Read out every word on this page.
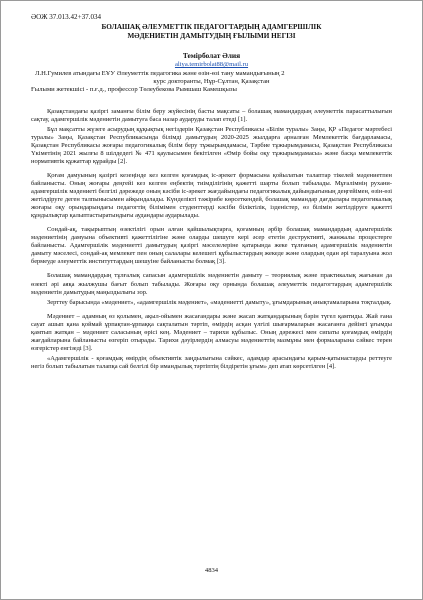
ӘОЖ 37.013.42+37.034
БОЛАШАҚ ӘЛЕУМЕТТІК ПЕДАГОГТАРДЫҢ АДАМГЕРШІЛІК
МӘДЕНИЕТІН ДАМЫТУДЫҢ ҒЫЛЫМИ НЕГІЗІ
Темірболат Әлия
aliya.temirbolat88@mail.ru
Л.Н.Гумилев атындағы ЕҰУ Әлеуметтік педагогика және өзін-өзі тану мамандығының 2
курс докторанты, Нұр-Сұлтан, Қазақстан
Ғылыми жетекшісі - п.ғ.д., профессор Төлеубекова Рымшаш Камешқызы

Қазақстандағы қазіргі заманғы білім беру жүйесінің басты мақсаты – болашақ мамандардың әлеуметтік парасаттылығын сақтау, адамгершілік мәдениетін дамытуға баса назар аударуды талап етеді [1].

Бұл мақсатты жүзеге асырудың құқықтық негіздерін Қазақстан Республикасы «Білім туралы» Заңы, ҚР «Педагог мәртебесі туралы» Заңы, Қазақстан Республикасында білімді дамытудың 2020-2025 жылдарға арналған Мемлекеттік бағдарламасы, Қазақстан Республикасы жоғары педагогикалық білім беру тұжырымдамасы, Тәрбие тұжырымдамасы, Қазақстан Республикасы Үкіметінің 2021 жылғы 8 шілдедегі № 471 қаулысымен бекітілген «Өмір бойы оқу тұжырымдамасы» және басқа мемлекеттік нормативтік құжаттар құрайды [2].

Қоғам дамуының қазіргі кезеңінде кез келген қоғамдық іс-әрекет формасына қойылатын талаптар тікелей мәдениетпен байланысты. Оның жоғары деңгейі кез келген еңбектің тиімділігінің қажетті шарты болып табылады. Мұғалімнің рухани-адамгершілік мәдениеті белгілі дәрежеде оның кәсіби іс-әрекет жағдайындағы педагогикалық дайындығының деңгейімен, өзін-өзі жетілдіруге деген талпынысымен айқындалады. Күнделікті тәжірибе көрсеткендей, болашақ мамандар дағдылары педагогикалық жоғары оқу орындарындағы педагогтің білімімен студенттерді кәсіби біліктілік, ізденістер, өз білімін жетілдіруге қажетті құндылықтар қалыптастыратындығы аудандары аударылады.

Сондай-ақ, тақырыптың өзектілігі орын алған қайшылықтарға, қоғамның әрбір болашақ мамандардың адамгершілік мәдениетінің дамуына объективті қажеттілігіне және оларды шешуге кері әсер ететін деструктивті, жанжалы процестерге байланысты. Адамгершілік мәдениетті дамытудың қазіргі мәселелеріне қатарында жеке тұлғаның адамгершілік мәдениетін дамыту мәселесі, сондай-ақ мемлекет пен оның салалары келешегі құбылыстардың жекеде және олардың одан әрі таралуына жол бермеуде әлеуметтік институттардың шешуіне байланысты болмақ [3].

Болашақ мамандардың тұлғалық сапасын адамгершілік мәдениетін дамыту – теориялық және практикалық жағынан да өзекті әрі аяқа жылжушы бағыт болып табылады. Жоғары оқу орнында болашақ әлеуметтік педагогтардың адамгершілік мәдениетін дамытудың маңыздылығы зор.

Зерттеу барысында «мәдениет», «адамгершілік мәдениет», «мәдениетті дамыту», ұғымдарының анықтамаларына тоқталдық.

Мәдениет – адамның өз қолымен, ақыл-ойымен жасағандары және жасап жатқандарының бәрін түгел қамтиды. Жай ғана сауат ашып қана қоймай ұрпақтан-ұрпаққа сақталатын тәртіп, өмірдің асқан үлгілі шығармаларын жасағанға дейінгі ұғымды қамтып жатқан – мәдениет саласының өрісі кең. Мәдениет – тарихи құбылыс. Оның дәрежесі мен сипаты қоғамдық өмірдің жағдайларына байланысты өзгеріп отырады. Тарихи дәуірлердің алмасуы мәдениеттің мазмұны мен формаларына сәйкес терен өзгерістер енгізеді [3].

«Адамгершілік - қоғамдық өмірдің объективтік заңдылығына сәйкес, адамдар арасындағы қарым-қатынастарды реттеуге негіз болып табылатын талапқа сай белгілі бір имандылық тәртіптің білдіретін ұғым» деп атап көрсетілген [4].

4834
